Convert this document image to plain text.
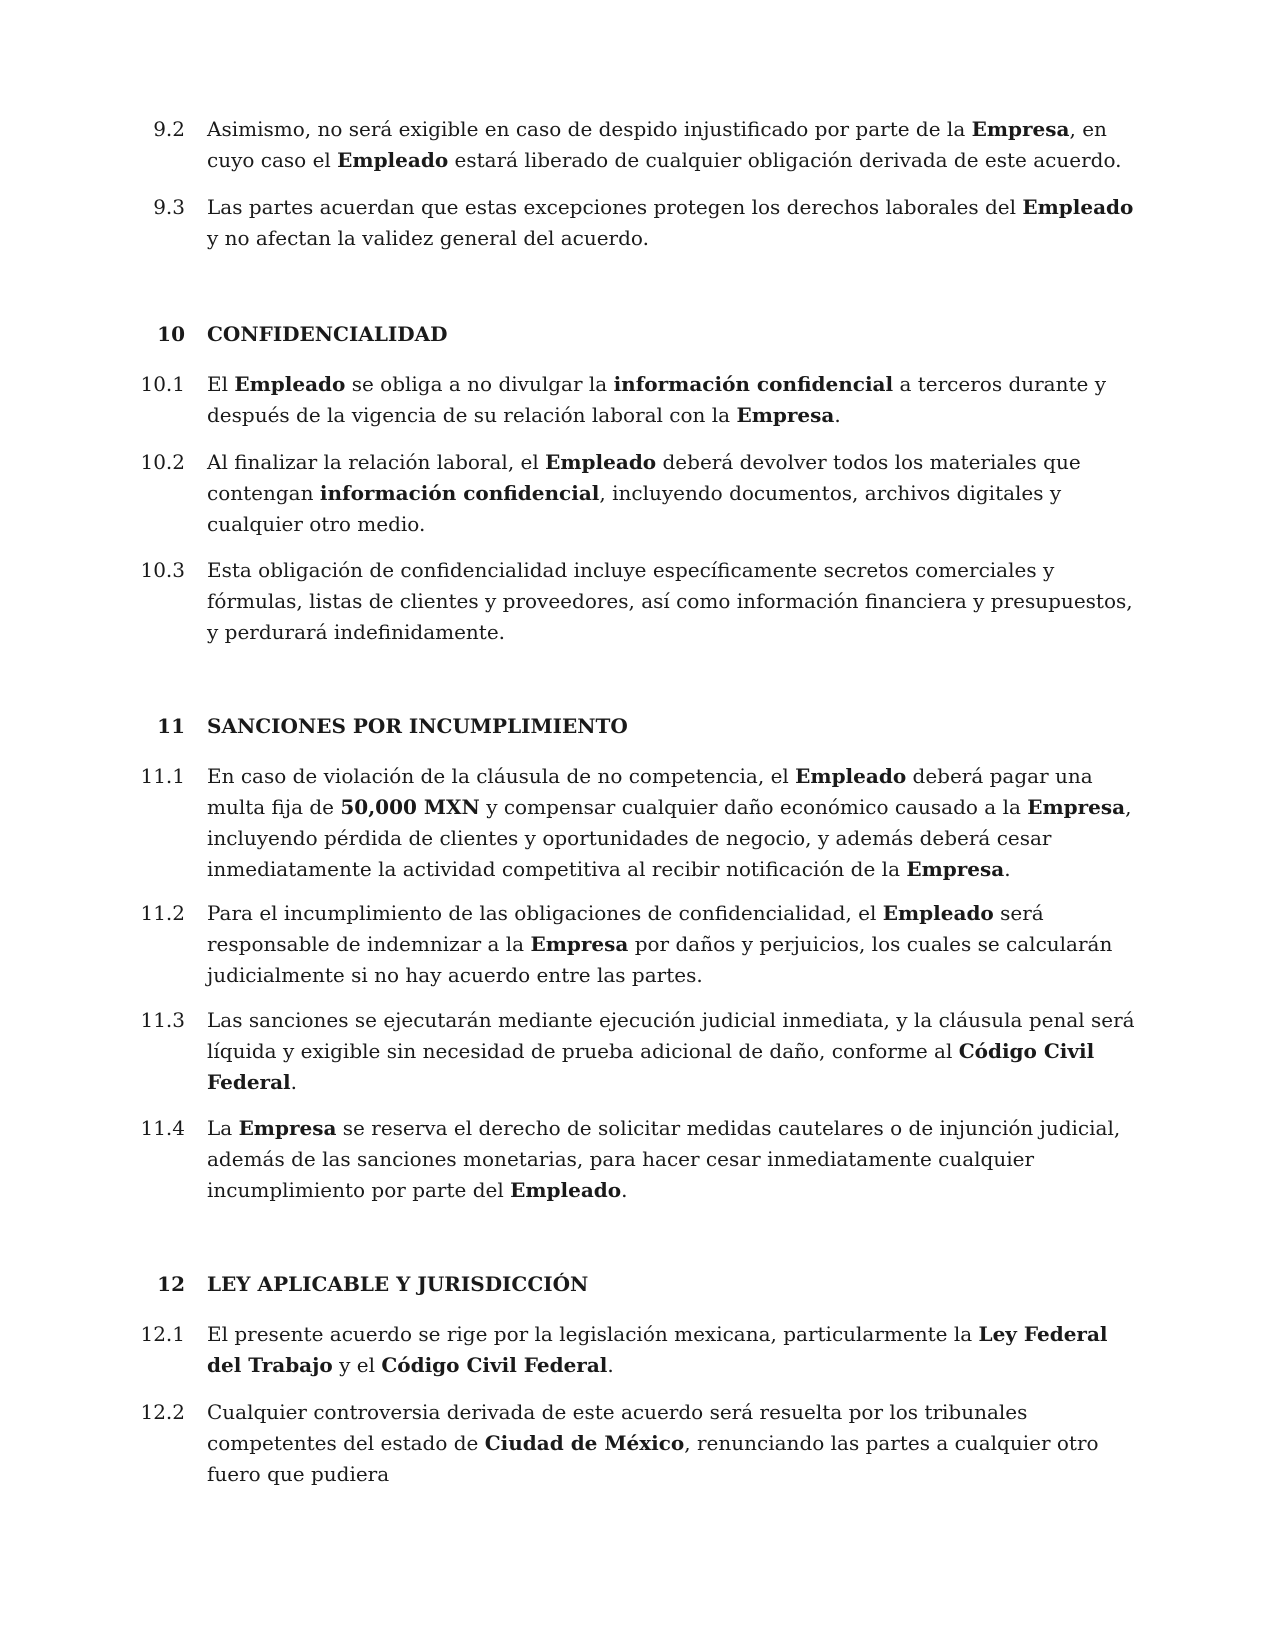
9.2 Asimismo, no será exigible en caso de despido injustificado por parte de la Empresa, en cuyo caso el Empleado estará liberado de cualquier obligación derivada de este acuerdo.
9.3 Las partes acuerdan que estas excepciones protegen los derechos laborales del Empleado y no afectan la validez general del acuerdo.
10 CONFIDENCIALIDAD
10.1 El Empleado se obliga a no divulgar la información confidencial a terceros durante y después de la vigencia de su relación laboral con la Empresa.
10.2 Al finalizar la relación laboral, el Empleado deberá devolver todos los materiales que contengan información confidencial, incluyendo documentos, archivos digitales y cualquier otro medio.
10.3 Esta obligación de confidencialidad incluye específicamente secretos comerciales y fórmulas, listas de clientes y proveedores, así como información financiera y presupuestos, y perdurará indefinidamente.
11 SANCIONES POR INCUMPLIMIENTO
11.1 En caso de violación de la cláusula de no competencia, el Empleado deberá pagar una multa fija de 50,000 MXN y compensar cualquier daño económico causado a la Empresa, incluyendo pérdida de clientes y oportunidades de negocio, y además deberá cesar inmediatamente la actividad competitiva al recibir notificación de la Empresa.
11.2 Para el incumplimiento de las obligaciones de confidencialidad, el Empleado será responsable de indemnizar a la Empresa por daños y perjuicios, los cuales se calcularán judicialmente si no hay acuerdo entre las partes.
11.3 Las sanciones se ejecutarán mediante ejecución judicial inmediata, y la cláusula penal será líquida y exigible sin necesidad de prueba adicional de daño, conforme al Código Civil Federal.
11.4 La Empresa se reserva el derecho de solicitar medidas cautelares o de injunción judicial, además de las sanciones monetarias, para hacer cesar inmediatamente cualquier incumplimiento por parte del Empleado.
12 LEY APLICABLE Y JURISDICCIÓN
12.1 El presente acuerdo se rige por la legislación mexicana, particularmente la Ley Federal del Trabajo y el Código Civil Federal.
12.2 Cualquier controversia derivada de este acuerdo será resuelta por los tribunales competentes del estado de Ciudad de México, renunciando las partes a cualquier otro fuero que pudiera
